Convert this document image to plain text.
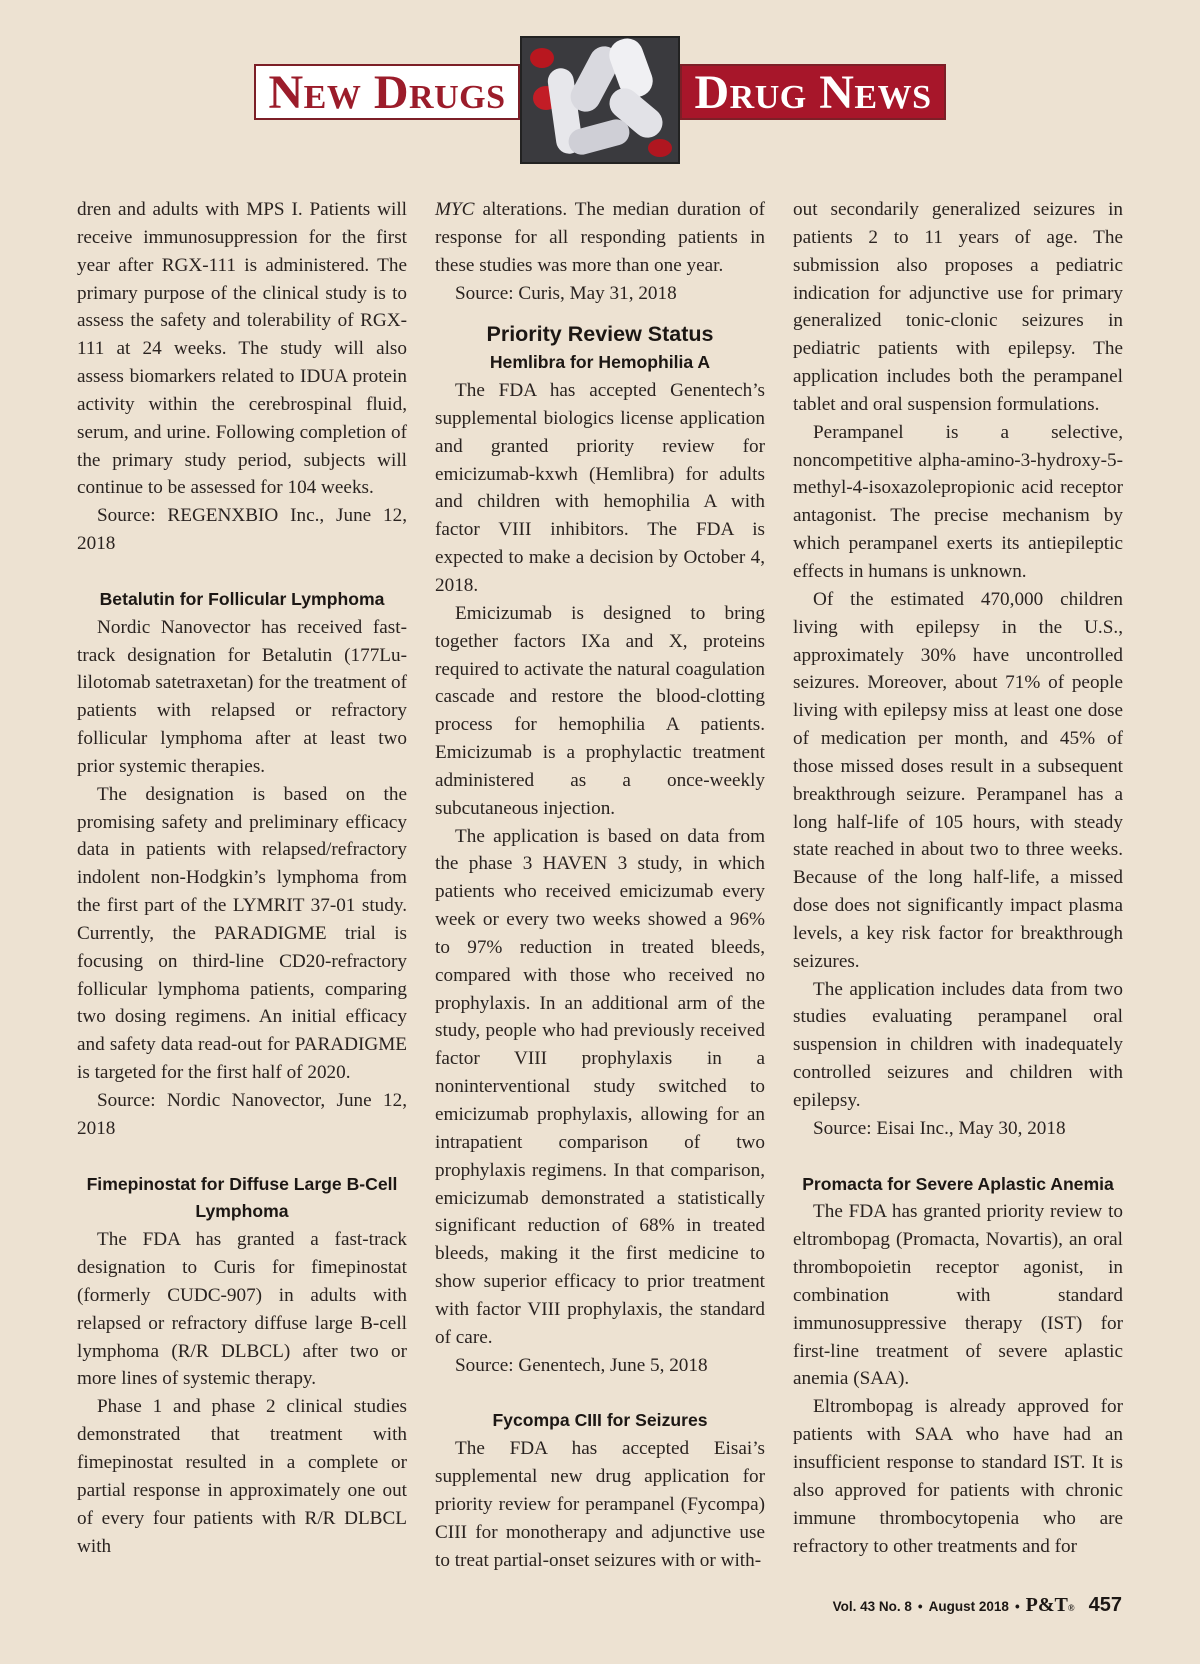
New Drugs	Drug News

dren and adults with MPS I. Patients will receive immunosuppression for the first year after RGX-111 is administered. The primary purpose of the clinical study is to assess the safety and tolerability of RGX-111 at 24 weeks. The study will also assess biomarkers related to IDUA protein activity within the cerebrospinal fluid, serum, and urine. Following completion of the primary study period, subjects will continue to be assessed for 104 weeks.

Source: REGENXBIO Inc., June 12, 2018

Betalutin for Follicular Lymphoma

Nordic Nanovector has received fast-track designation for Betalutin (177Lu-lilotomab satetraxetan) for the treatment of patients with relapsed or refractory follicular lymphoma after at least two prior systemic therapies.

The designation is based on the promising safety and preliminary efficacy data in patients with relapsed/refractory indolent non-Hodgkin’s lymphoma from the first part of the LYMRIT 37-01 study. Currently, the PARADIGME trial is focusing on third-line CD20-refractory follicular lymphoma patients, comparing two dosing regimens. An initial efficacy and safety data read-out for PARADIGME is targeted for the first half of 2020.

Source: Nordic Nanovector, June 12, 2018

Fimepinostat for Diffuse Large B-Cell Lymphoma

The FDA has granted a fast-track designation to Curis for fimepinostat (formerly CUDC-907) in adults with relapsed or refractory diffuse large B-cell lymphoma (R/R DLBCL) after two or more lines of systemic therapy.

Phase 1 and phase 2 clinical studies demonstrated that treatment with fimepinostat resulted in a complete or partial response in approximately one out of every four patients with R/R DLBCL with

MYC alterations. The median duration of response for all responding patients in these studies was more than one year.

Source: Curis, May 31, 2018

Priority Review Status
Hemlibra for Hemophilia A

The FDA has accepted Genentech’s supplemental biologics license application and granted priority review for emicizumab-kxwh (Hemlibra) for adults and children with hemophilia A with factor VIII inhibitors. The FDA is expected to make a decision by October 4, 2018.

Emicizumab is designed to bring together factors IXa and X, proteins required to activate the natural coagulation cascade and restore the blood-clotting process for hemophilia A patients. Emicizumab is a prophylactic treatment administered as a once-weekly subcutaneous injection.

The application is based on data from the phase 3 HAVEN 3 study, in which patients who received emicizumab every week or every two weeks showed a 96% to 97% reduction in treated bleeds, compared with those who received no prophylaxis. In an additional arm of the study, people who had previously received factor VIII prophylaxis in a noninterventional study switched to emicizumab prophylaxis, allowing for an intrapatient comparison of two prophylaxis regimens. In that comparison, emicizumab demonstrated a statistically significant reduction of 68% in treated bleeds, making it the first medicine to show superior efficacy to prior treatment with factor VIII prophylaxis, the standard of care.

Source: Genentech, June 5, 2018

Fycompa CIII for Seizures

The FDA has accepted Eisai’s supplemental new drug application for priority review for perampanel (Fycompa) CIII for monotherapy and adjunctive use to treat partial-onset seizures with or with-

out secondarily generalized seizures in patients 2 to 11 years of age. The submission also proposes a pediatric indication for adjunctive use for primary generalized tonic-clonic seizures in pediatric patients with epilepsy. The application includes both the perampanel tablet and oral suspension formulations.

Perampanel is a selective, noncompetitive alpha-amino-3-hydroxy-5-methyl-4-isoxazolepropionic acid receptor antagonist. The precise mechanism by which perampanel exerts its antiepileptic effects in humans is unknown.

Of the estimated 470,000 children living with epilepsy in the U.S., approximately 30% have uncontrolled seizures. Moreover, about 71% of people living with epilepsy miss at least one dose of medication per month, and 45% of those missed doses result in a subsequent breakthrough seizure. Perampanel has a long half-life of 105 hours, with steady state reached in about two to three weeks. Because of the long half-life, a missed dose does not significantly impact plasma levels, a key risk factor for breakthrough seizures.

The application includes data from two studies evaluating perampanel oral suspension in children with inadequately controlled seizures and children with epilepsy.

Source: Eisai Inc., May 30, 2018

Promacta for Severe Aplastic Anemia

The FDA has granted priority review to eltrombopag (Promacta, Novartis), an oral thrombopoietin receptor agonist, in combination with standard immunosuppressive therapy (IST) for first-line treatment of severe aplastic anemia (SAA).

Eltrombopag is already approved for patients with SAA who have had an insufficient response to standard IST. It is also approved for patients with chronic immune thrombocytopenia who are refractory to other treatments and for

Vol. 43 No. 8 • August 2018 • P&T® 457
